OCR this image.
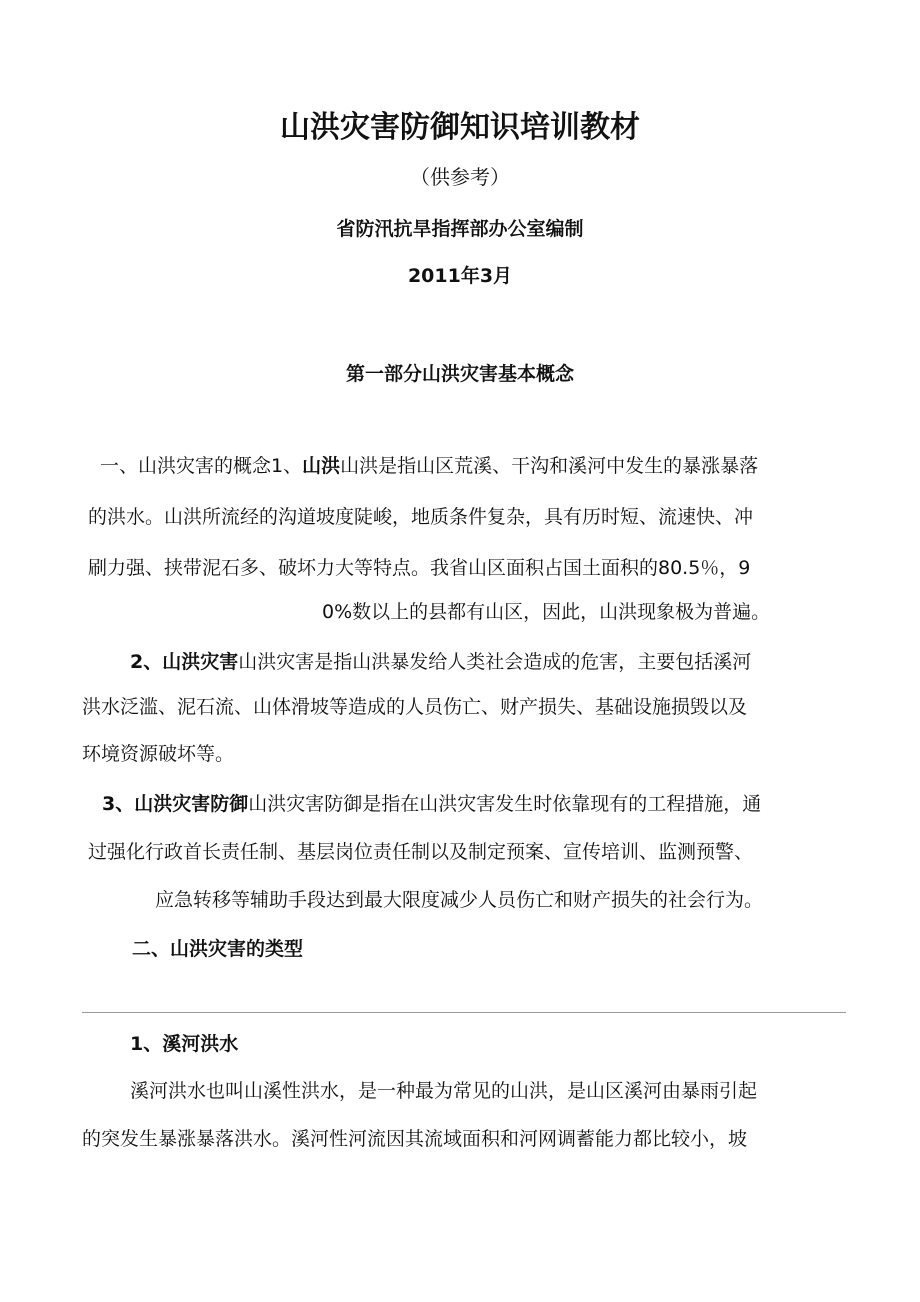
山洪灾害防御知识培训教材
（供参考）
省防汛抗旱指挥部办公室编制
2011年3月
第一部分山洪灾害基本概念
一、山洪灾害的概念1、山洪山洪是指山区荒溪、干沟和溪河中发生的暴涨暴落
的洪水。山洪所流经的沟道坡度陡峻，地质条件复杂，具有历时短、流速快、冲
刷力强、挟带泥石多、破坏力大等特点。我省山区面积占国土面积的80.5％，9
0%数以上的县都有山区，因此，山洪现象极为普遍。
2、山洪灾害山洪灾害是指山洪暴发给人类社会造成的危害，主要包括溪河
洪水泛滥、泥石流、山体滑坡等造成的人员伤亡、财产损失、基础设施损毁以及
环境资源破坏等。
3、山洪灾害防御山洪灾害防御是指在山洪灾害发生时依靠现有的工程措施，通
过强化行政首长责任制、基层岗位责任制以及制定预案、宣传培训、监测预警、
应急转移等辅助手段达到最大限度减少人员伤亡和财产损失的社会行为。
二、山洪灾害的类型
1、溪河洪水
溪河洪水也叫山溪性洪水，是一种最为常见的山洪，是山区溪河由暴雨引起
的突发生暴涨暴落洪水。溪河性河流因其流域面积和河网调蓄能力都比较小，坡
